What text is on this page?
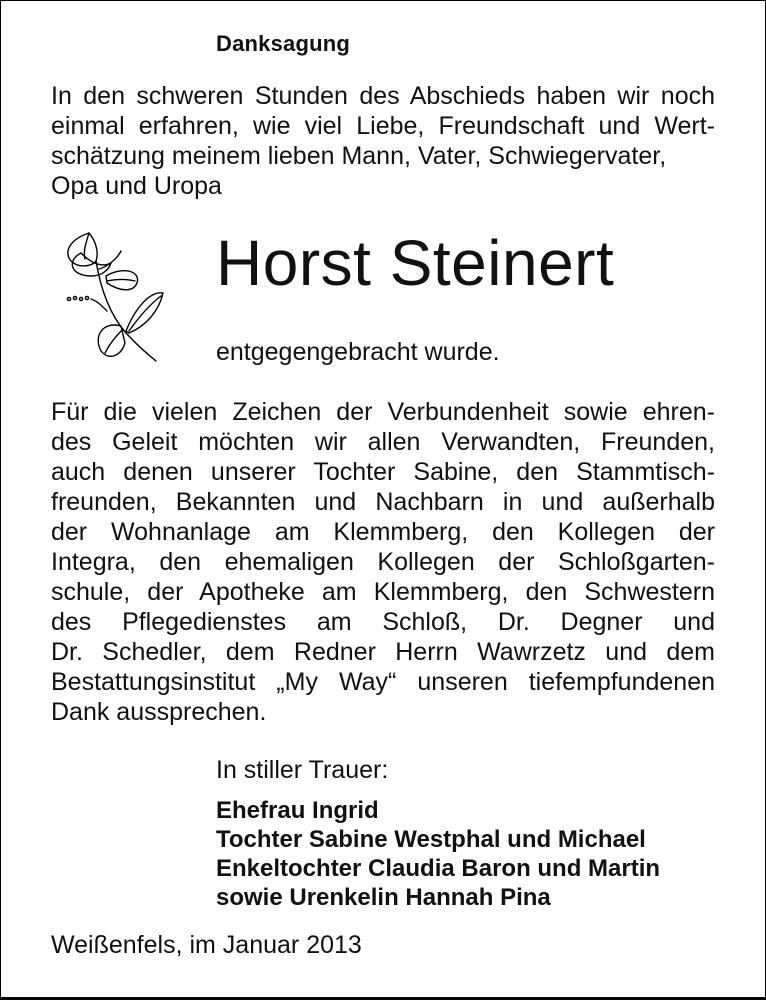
Danksagung
In den schweren Stunden des Abschieds haben wir noch
einmal erfahren, wie viel Liebe, Freundschaft und Wert-
schätzung meinem lieben Mann, Vater, Schwiegervater,
Opa und Uropa
Horst Steinert
entgegengebracht wurde.
Für die vielen Zeichen der Verbundenheit sowie ehren-
des Geleit möchten wir allen Verwandten, Freunden,
auch denen unserer Tochter Sabine, den Stammtisch-
freunden, Bekannten und Nachbarn in und außerhalb
der Wohnanlage am Klemmberg, den Kollegen der
Integra, den ehemaligen Kollegen der Schloßgarten-
schule, der Apotheke am Klemmberg, den Schwestern
des Pflegedienstes am Schloß, Dr. Degner und
Dr. Schedler, dem Redner Herrn Wawrzetz und dem
Bestattungsinstitut „My Way“ unseren tiefempfundenen
Dank aussprechen.
In stiller Trauer:
Ehefrau Ingrid
Tochter Sabine Westphal und Michael
Enkeltochter Claudia Baron und Martin
sowie Urenkelin Hannah Pina
Weißenfels, im Januar 2013
